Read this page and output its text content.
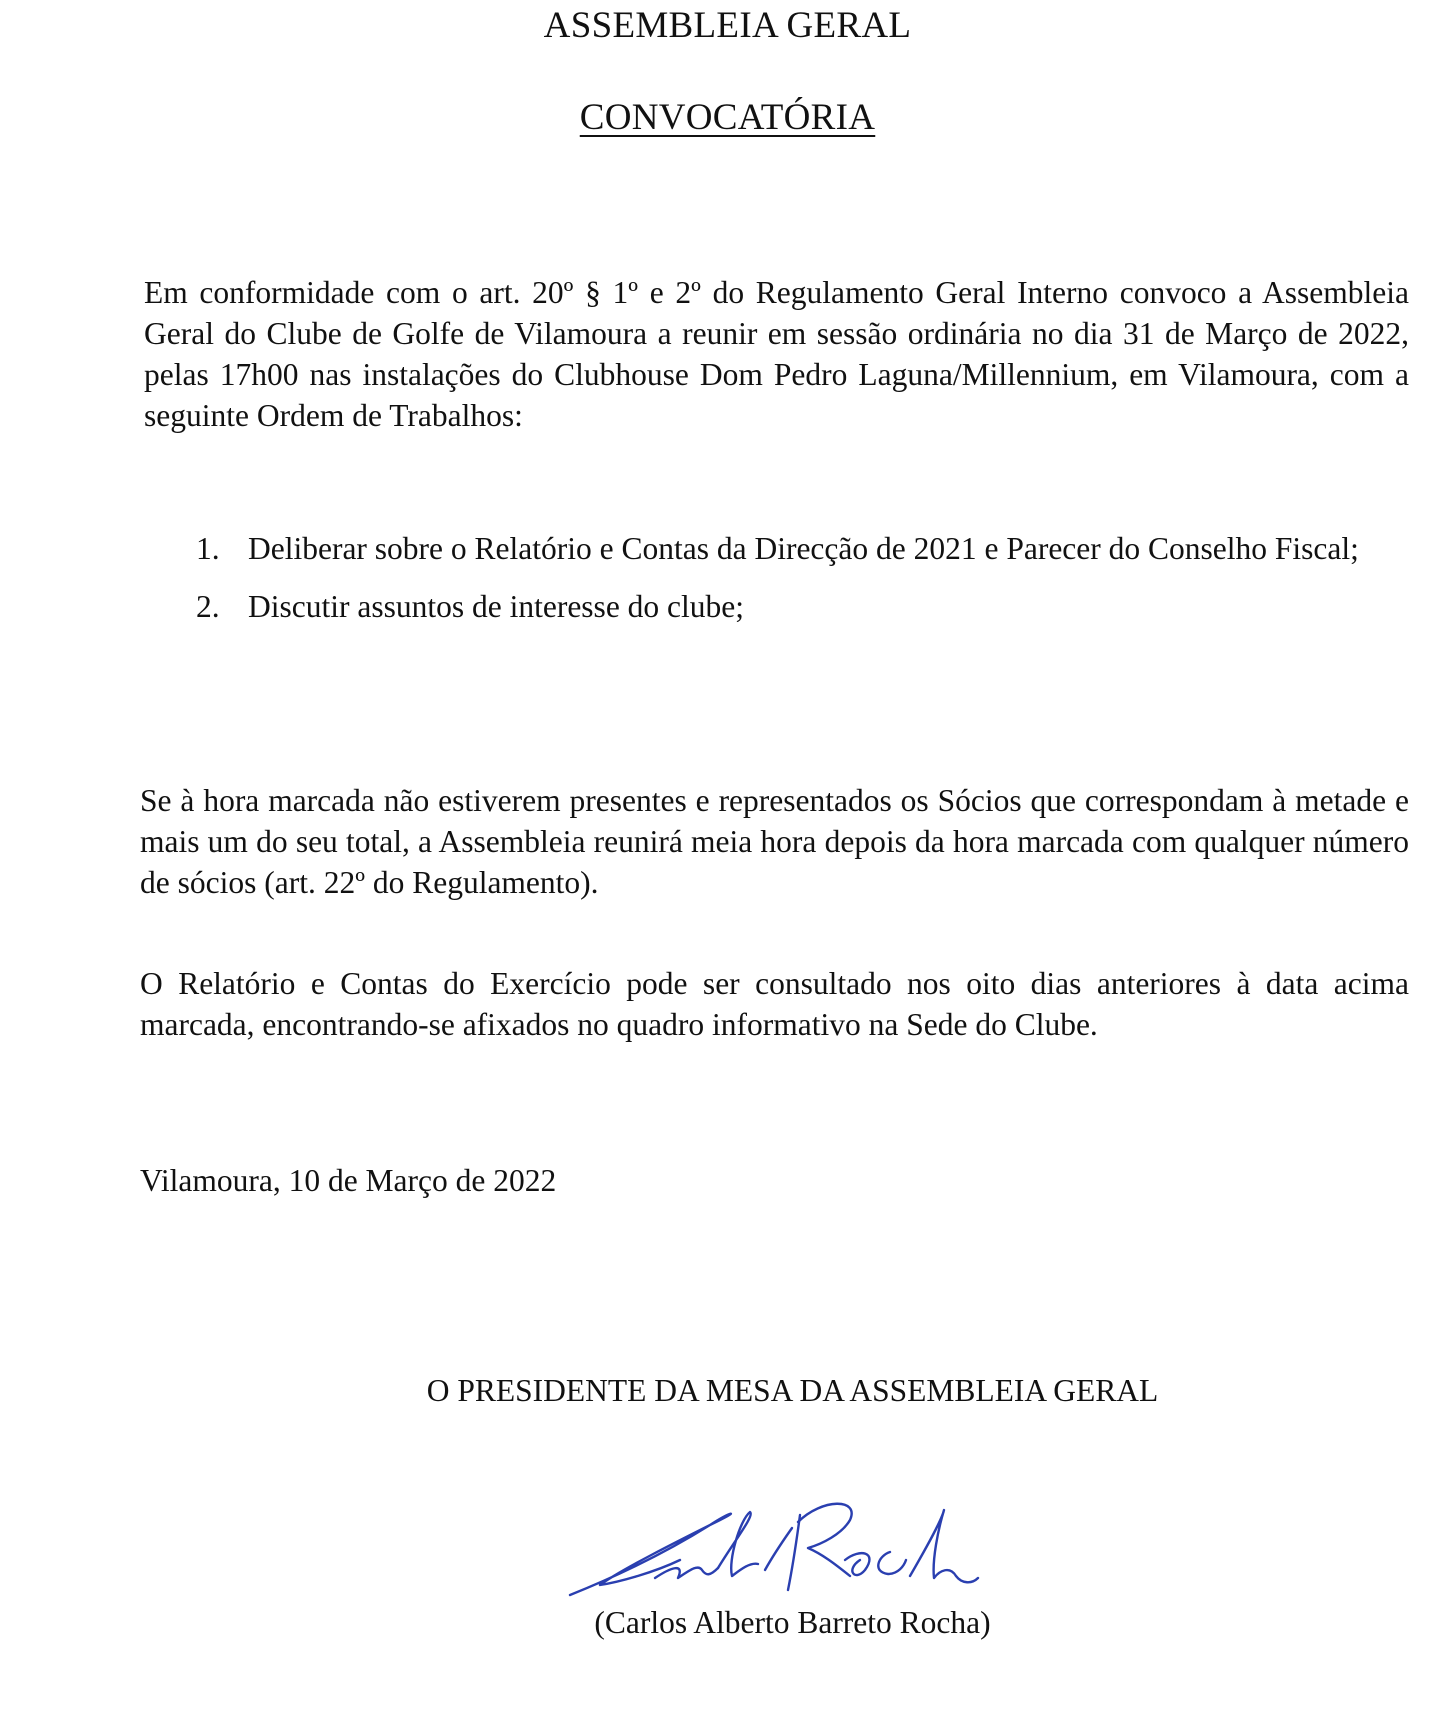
ASSEMBLEIA GERAL
CONVOCATÓRIA

Em conformidade com o art. 20º § 1º e 2º do Regulamento Geral Interno convoco a Assembleia Geral do Clube de Golfe de Vilamoura a reunir em sessão ordinária no dia 31 de Março de 2022, pelas 17h00 nas instalações do Clubhouse Dom Pedro Laguna/Millennium, em Vilamoura, com a seguinte Ordem de Trabalhos:

1. Deliberar sobre o Relatório e Contas da Direcção de 2021 e Parecer do Conselho Fiscal;
2. Discutir assuntos de interesse do clube;

Se à hora marcada não estiverem presentes e representados os Sócios que correspondam à metade e mais um do seu total, a Assembleia reunirá meia hora depois da hora marcada com qualquer número de sócios (art. 22º do Regulamento).

O Relatório e Contas do Exercício pode ser consultado nos oito dias anteriores à data acima marcada, encontrando-se afixados no quadro informativo na Sede do Clube.

Vilamoura, 10 de Março de 2022
O PRESIDENTE DA MESA DA ASSEMBLEIA GERAL
(Carlos Alberto Barreto Rocha)
